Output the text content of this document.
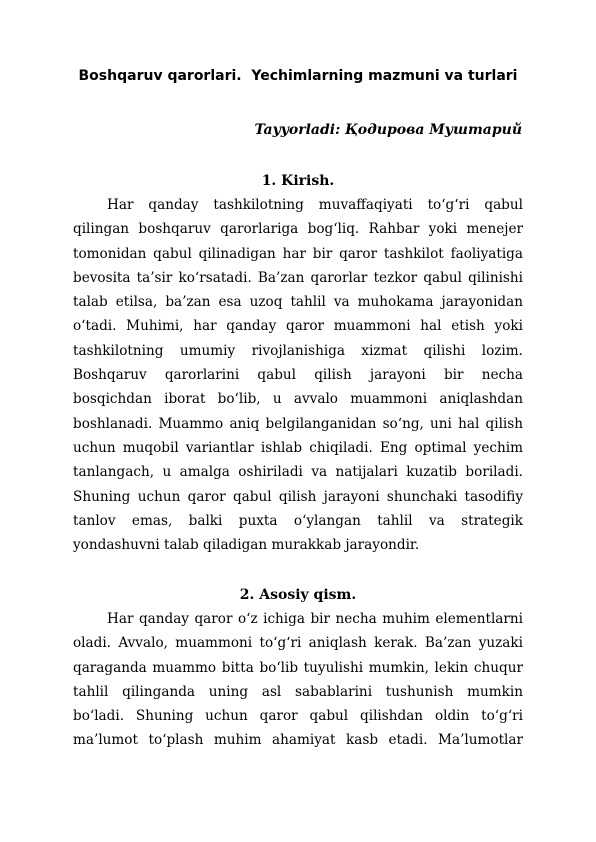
Boshqaruv qarorlari.  Yechimlarning mazmuni va turlari
Tayyorladi: Қодирова Муштарий
1. Kirish.
Har qanday tashkilotning muvaffaqiyati to‘g‘ri qabul
qilingan boshqaruv qarorlariga bog‘liq. Rahbar yoki menejer
tomonidan qabul qilinadigan har bir qaror tashkilot faoliyatiga
bevosita ta’sir ko‘rsatadi. Ba’zan qarorlar tezkor qabul qilinishi
talab etilsa, ba’zan esa uzoq tahlil va muhokama jarayonidan
o‘tadi. Muhimi, har qanday qaror muammoni hal etish yoki
tashkilotning umumiy rivojlanishiga xizmat qilishi lozim.
Boshqaruv qarorlarini qabul qilish jarayoni bir necha
bosqichdan iborat bo‘lib, u avvalo muammoni aniqlashdan
boshlanadi. Muammo aniq belgilanganidan so‘ng, uni hal qilish
uchun muqobil variantlar ishlab chiqiladi. Eng optimal yechim
tanlangach, u amalga oshiriladi va natijalari kuzatib boriladi.
Shuning uchun qaror qabul qilish jarayoni shunchaki tasodifiy
tanlov emas, balki puxta o‘ylangan tahlil va strategik
yondashuvni talab qiladigan murakkab jarayondir.
2. Asosiy qism.
Har qanday qaror o‘z ichiga bir necha muhim elementlarni
oladi. Avvalo, muammoni to‘g‘ri aniqlash kerak. Ba’zan yuzaki
qaraganda muammo bitta bo‘lib tuyulishi mumkin, lekin chuqur
tahlil qilinganda uning asl sabablarini tushunish mumkin
bo‘ladi. Shuning uchun qaror qabul qilishdan oldin to‘g‘ri
ma’lumot to‘plash muhim ahamiyat kasb etadi. Ma’lumotlar
